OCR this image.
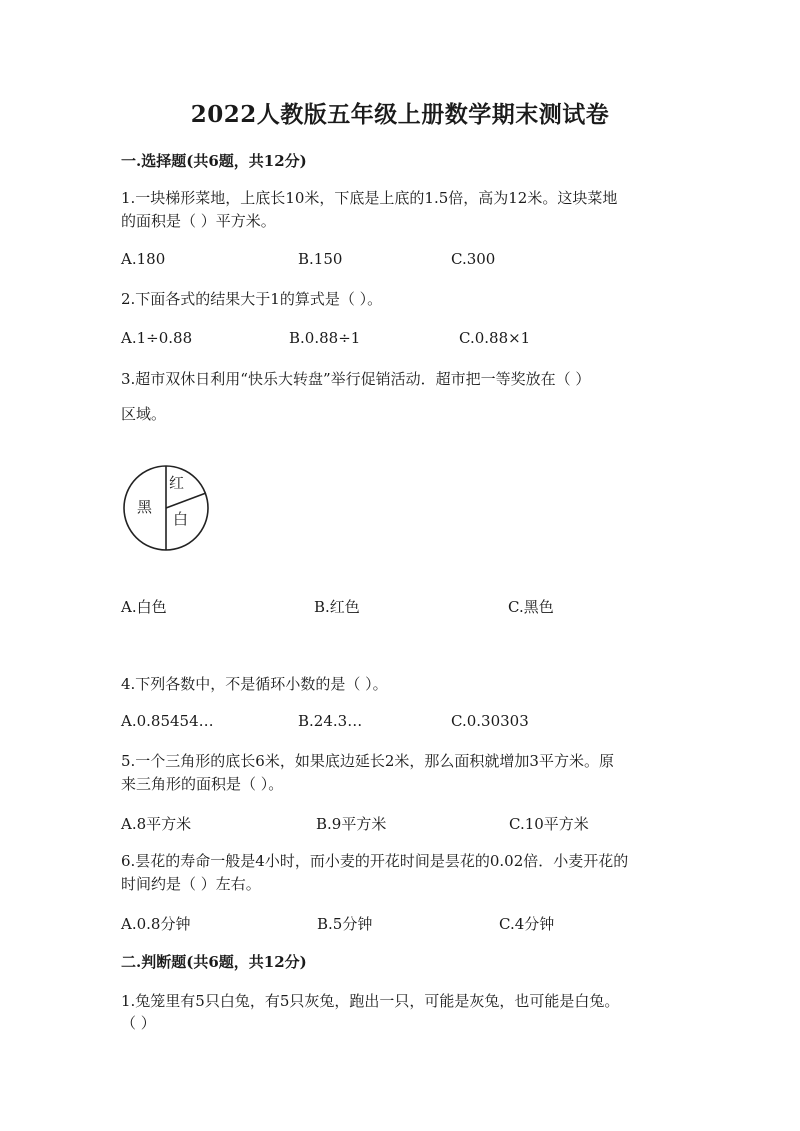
2022人教版五年级上册数学期末测试卷
一.选择题(共6题，共12分)
1.一块梯形菜地，上底长10米，下底是上底的1.5倍，高为12米。这块菜地
的面积是（ ）平方米。
A.180	B.150	C.300
2.下面各式的结果大于1的算式是（ ）。
A.1÷0.88	B.0.88÷1	C.0.88×1
3.超市双休日利用“快乐大转盘”举行促销活动．超市把一等奖放在（ ）
区域。
红
黑
白
A.白色	B.红色	C.黑色
4.下列各数中，不是循环小数的是（ ）。
A.0.85454…	B.24.3…	C.0.30303
5.一个三角形的底长6米，如果底边延长2米，那么面积就增加3平方米。原
来三角形的面积是（ ）。
A.8平方米	B.9平方米	C.10平方米
6.昙花的寿命一般是4小时，而小麦的开花时间是昙花的0.02倍．小麦开花的
时间约是（ ）左右。
A.0.8分钟	B.5分钟	C.4分钟
二.判断题(共6题，共12分)
1.兔笼里有5只白兔，有5只灰兔，跑出一只，可能是灰兔，也可能是白兔。
（ ）
